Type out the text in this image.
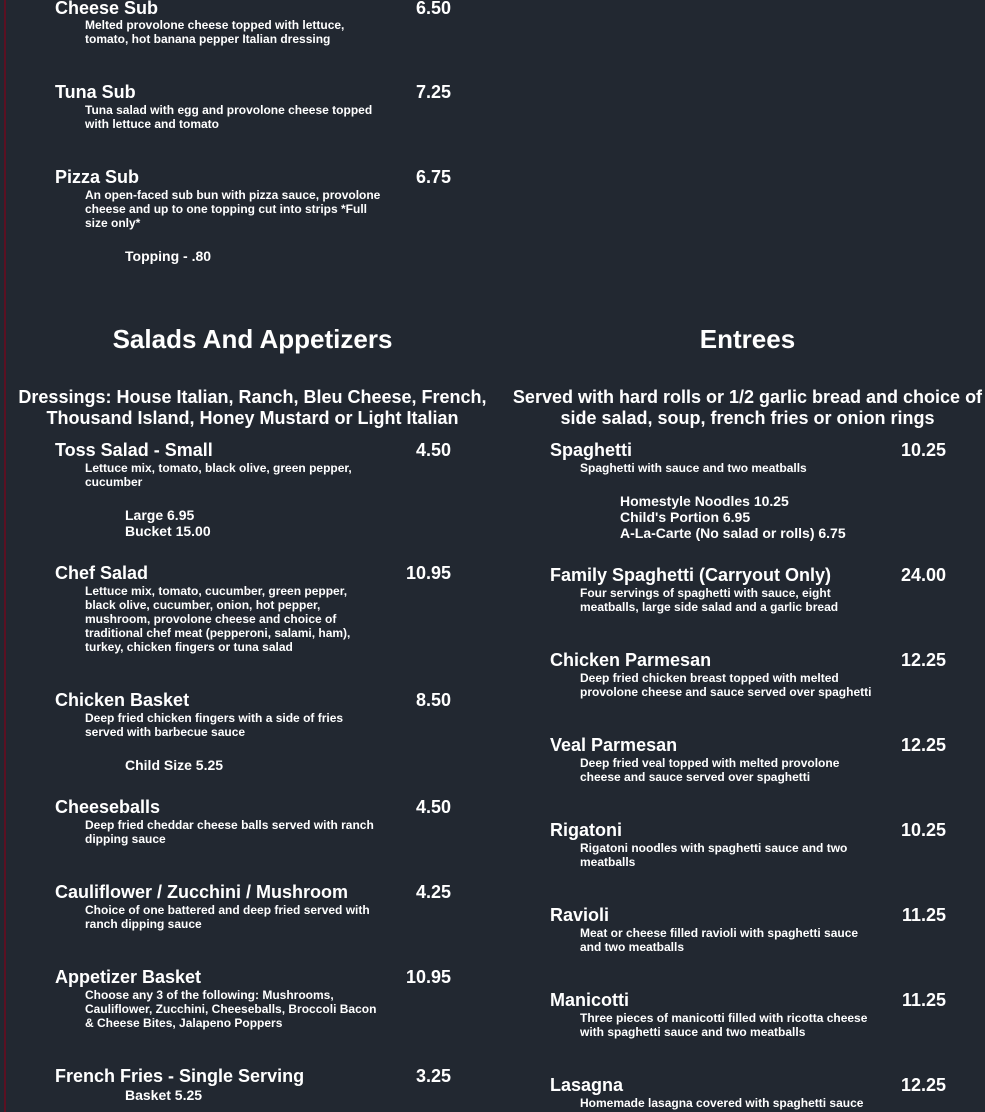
Cheese Sub	6.50
Melted provolone cheese topped with lettuce, tomato, hot banana pepper Italian dressing
Tuna Sub	7.25
Tuna salad with egg and provolone cheese topped with lettuce and tomato
Pizza Sub	6.75
An open-faced sub bun with pizza sauce, provolone cheese and up to one topping cut into strips *Full size only*
Topping - .80
Salads And Appetizers	Entrees
Dressings: House Italian, Ranch, Bleu Cheese, French, Thousand Island, Honey Mustard or Light Italian
Served with hard rolls or 1/2 garlic bread and choice of side salad, soup, french fries or onion rings
Toss Salad - Small	4.50
Lettuce mix, tomato, black olive, green pepper, cucumber
Large 6.95
Bucket 15.00
Chef Salad	10.95
Lettuce mix, tomato, cucumber, green pepper, black olive, cucumber, onion, hot pepper, mushroom, provolone cheese and choice of traditional chef meat (pepperoni, salami, ham), turkey, chicken fingers or tuna salad
Chicken Basket	8.50
Deep fried chicken fingers with a side of fries served with barbecue sauce
Child Size 5.25
Cheeseballs	4.50
Deep fried cheddar cheese balls served with ranch dipping sauce
Cauliflower / Zucchini / Mushroom	4.25
Choice of one battered and deep fried served with ranch dipping sauce
Appetizer Basket	10.95
Choose any 3 of the following: Mushrooms, Cauliflower, Zucchini, Cheeseballs, Broccoli Bacon & Cheese Bites, Jalapeno Poppers
French Fries - Single Serving	3.25
Basket 5.25
Spaghetti	10.25
Spaghetti with sauce and two meatballs
Homestyle Noodles 10.25
Child's Portion 6.95
A-La-Carte (No salad or rolls) 6.75
Family Spaghetti (Carryout Only)	24.00
Four servings of spaghetti with sauce, eight meatballs, large side salad and a garlic bread
Chicken Parmesan	12.25
Deep fried chicken breast topped with melted provolone cheese and sauce served over spaghetti
Veal Parmesan	12.25
Deep fried veal topped with melted provolone cheese and sauce served over spaghetti
Rigatoni	10.25
Rigatoni noodles with spaghetti sauce and two meatballs
Ravioli	11.25
Meat or cheese filled ravioli with spaghetti sauce and two meatballs
Manicotti	11.25
Three pieces of manicotti filled with ricotta cheese with spaghetti sauce and two meatballs
Lasagna	12.25
Homemade lasagna covered with spaghetti sauce
